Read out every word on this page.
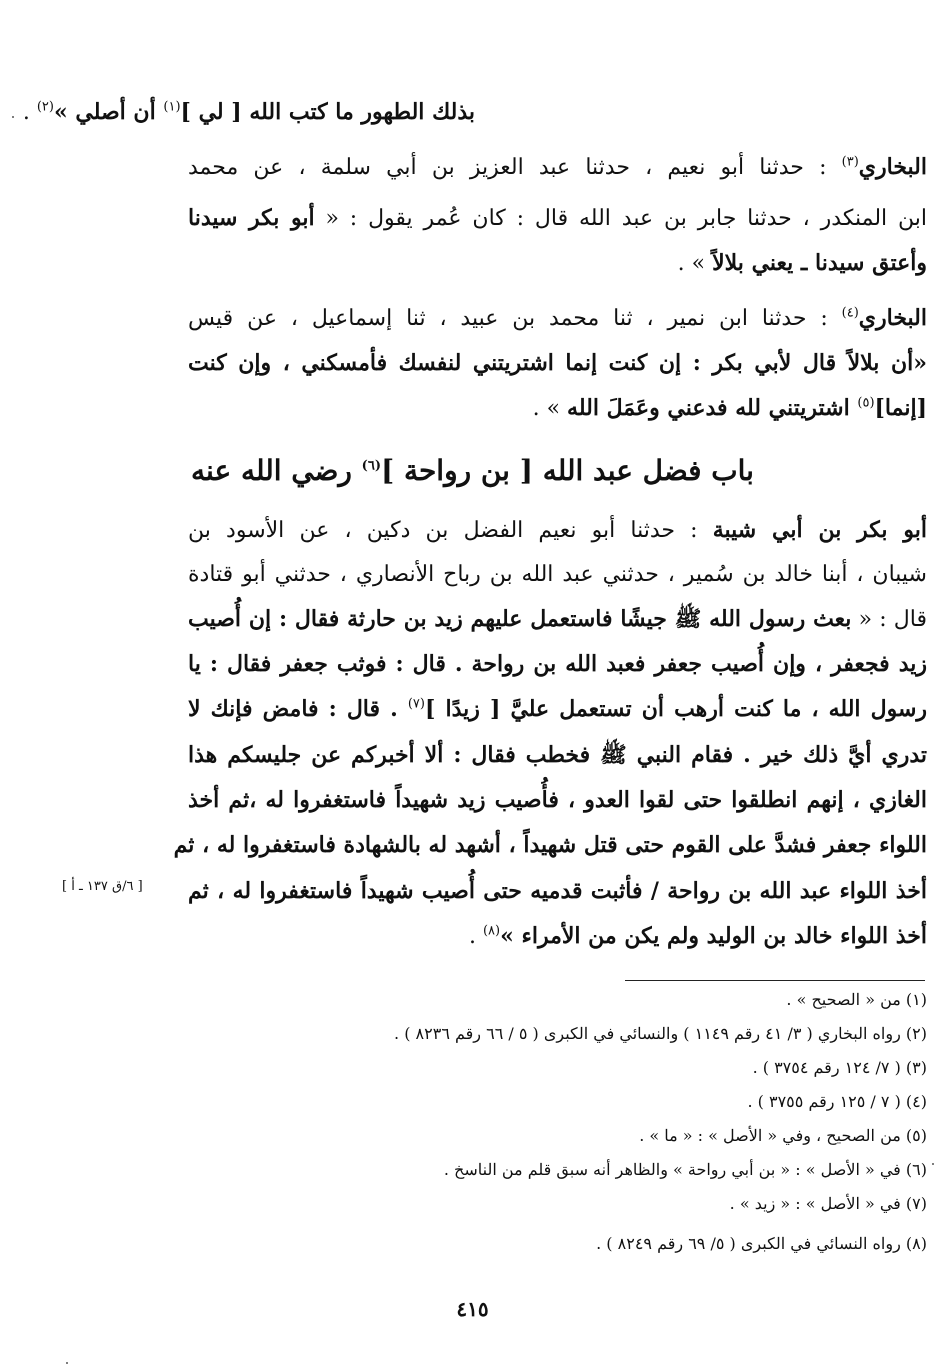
بذلك الطهور ما كتب الله [ لي ]$^{(١)}$ أن أصلي »$^{(٢)}$ .
البخاري$^{(٣)}$ : حدثنا أبو نعيم ، حدثنا عبد العزيز بن أبي سلمة ، عن محمد
ابن المنكدر ، حدثنا جابر بن عبد الله قال : كان عُمر يقول : « أبو بكر سيدنا
وأعتق سيدنا ـ يعني بلالاً » .
البخاري$^{(٤)}$ : حدثنا ابن نمير ، ثنا محمد بن عبيد ، ثنا إسماعيل ، عن قيس
«أن بلالاً قال لأبي بكر : إن كنت إنما اشتريتني لنفسك فأمسكني ، وإن كنت
[إنما]$^{(٥)}$ اشتريتني لله فدعني وعَمَلَ الله » .
باب فضل عبد الله [ بن رواحة ]$^{(٦)}$ رضي الله عنه
أبو بكر بن أبي شيبة : حدثنا أبو نعيم الفضل بن دكين ، عن الأسود بن
شيبان ، أبنا خالد بن سُمير ، حدثني عبد الله بن رباح الأنصاري ، حدثني أبو قتادة
قال : « بعث رسول الله ﷺ جيشًا فاستعمل عليهم زيد بن حارثة فقال : إن أُصيب
زيد فجعفر ، وإن أُصيب جعفر فعبد الله بن رواحة . قال : فوثب جعفر فقال : يا
رسول الله ، ما كنت أرهب أن تستعمل عليَّ [ زيدًا ]$^{(٧)}$ . قال : فامض فإنك لا
تدري أيَّ ذلك خير . فقام النبي ﷺ فخطب فقال : ألا أخبركم عن جليسكم هذا
الغازي ، إنهم انطلقوا حتى لقوا العدو ، فأُصيب زيد شهيداً فاستغفروا له ،ثم أخذ
اللواء جعفر فشدَّ على القوم حتى قتل شهيداً ، أشهد له بالشهادة فاستغفروا له ، ثم
أخذ اللواء عبد الله بن رواحة / فأثبت قدميه حتى أُصيب شهيداً فاستغفروا له ، ثم
أخذ اللواء خالد بن الوليد ولم يكن من الأمراء »$^{(٨)}$ .
[ ٦/ق ١٣٧ ـ أ ]
(١) من « الصحيح » .
(٢) رواه البخاري ( ٣/ ٤١ رقم ١١٤٩ ) والنسائي في الكبرى ( ٥ / ٦٦ رقم ٨٢٣٦ ) .
(٣) ( ٧/ ١٢٤ رقم ٣٧٥٤ ) .
(٤) ( ٧ / ١٢٥ رقم ٣٧٥٥ ) .
(٥) من الصحيح ، وفي « الأصل » : « ما » .
(٦) في « الأصل » : « بن أبي رواحة » والظاهر أنه سبق قلم من الناسخ .
(٧) في « الأصل » : « زيد » .
(٨) رواه النسائي في الكبرى ( ٥/ ٦٩ رقم ٨٢٤٩ ) .
٤١٥
